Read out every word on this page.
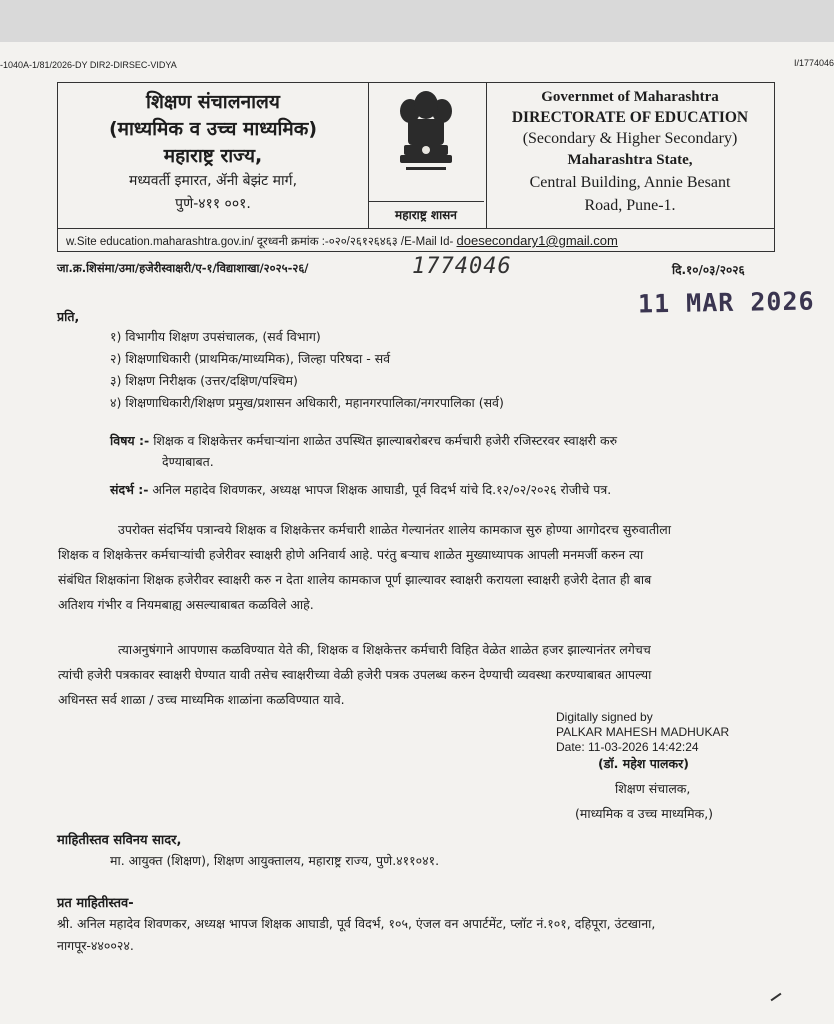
-1040A-1/81/2026-DY DIR2-DIRSEC-VIDYA	I/1774046
शिक्षण संचालनालय
(माध्यमिक व उच्च माध्यमिक)
महाराष्ट्र राज्य,
मध्यवर्ती इमारत, ॲनी बेझंट मार्ग,
पुणे-४११ ००१.
महाराष्ट्र शासन
Governmet of Maharashtra
DIRECTORATE OF EDUCATION
(Secondary & Higher Secondary)
Maharashtra State,
Central Building, Annie Besant
Road, Pune-1.
w.Site education.maharashtra.gov.in/ दूरध्वनी क्रमांक :-०२०/२६१२६४६३ /E-Mail Id- doesecondary1@gmail.com
जा.क्र.शिसंमा/उमा/हजेरीस्वाक्षरी/ए-१/विद्याशाखा/२०२५-२६/	1774046	दि.१०/०३/२०२६
11 MAR 2026
प्रति,
१) विभागीय शिक्षण उपसंचालक, (सर्व विभाग)
२) शिक्षणाधिकारी (प्राथमिक/माध्यमिक), जिल्हा परिषदा - सर्व
३) शिक्षण निरीक्षक (उत्तर/दक्षिण/पश्चिम)
४) शिक्षणाधिकारी/शिक्षण प्रमुख/प्रशासन अधिकारी, महानगरपालिका/नगरपालिका (सर्व)
विषय :- शिक्षक व शिक्षकेत्तर कर्मचाऱ्यांना शाळेत उपस्थित झाल्याबरोबरच कर्मचारी हजेरी रजिस्टरवर स्वाक्षरी करु
देण्याबाबत.
संदर्भ :- अनिल महादेव शिवणकर, अध्यक्ष भापज शिक्षक आघाडी, पूर्व विदर्भ यांचे दि.१२/०२/२०२६ रोजीचे पत्र.
उपरोक्त संदर्भिय पत्रान्वये शिक्षक व शिक्षकेत्तर कर्मचारी शाळेत गेल्यानंतर शालेय कामकाज सुरु होण्या आगोदरच सुरुवातीला
शिक्षक व शिक्षकेत्तर कर्मचाऱ्यांची हजेरीवर स्वाक्षरी होणे अनिवार्य आहे. परंतु बऱ्याच शाळेत मुख्याध्यापक आपली मनमर्जी करुन त्या
संबंधित शिक्षकांना शिक्षक हजेरीवर स्वाक्षरी करु न देता शालेय कामकाज पूर्ण झाल्यावर स्वाक्षरी करायला स्वाक्षरी हजेरी देतात ही बाब
अतिशय गंभीर व नियमबाह्य असल्याबाबत कळविले आहे.
त्याअनुषंगाने आपणास कळविण्यात येते की, शिक्षक व शिक्षकेत्तर कर्मचारी विहित वेळेत शाळेत हजर झाल्यानंतर लगेचच
त्यांची हजेरी पत्रकावर स्वाक्षरी घेण्यात यावी तसेच स्वाक्षरीच्या वेळी हजेरी पत्रक उपलब्ध करुन देण्याची व्यवस्था करण्याबाबत आपल्या
अधिनस्त सर्व शाळा / उच्च माध्यमिक शाळांना कळविण्यात यावे.
Digitally signed by
PALKAR MAHESH MADHUKAR
Date: 11-03-2026 14:42:24
(डॉ. महेश पालकर)
शिक्षण संचालक,
(माध्यमिक व उच्च माध्यमिक,)
माहितीस्तव सविनय सादर,
मा. आयुक्त (शिक्षण), शिक्षण आयुक्तालय, महाराष्ट्र राज्य, पुणे.४११०४१.
प्रत माहितीस्तव-
श्री. अनिल महादेव शिवणकर, अध्यक्ष भापज शिक्षक आघाडी, पूर्व विदर्भ, १०५, एंजल वन अपार्टमेंट, प्लॉट नं.१०१, दहिपूरा, उंटखाना,
नागपूर-४४००२४.
